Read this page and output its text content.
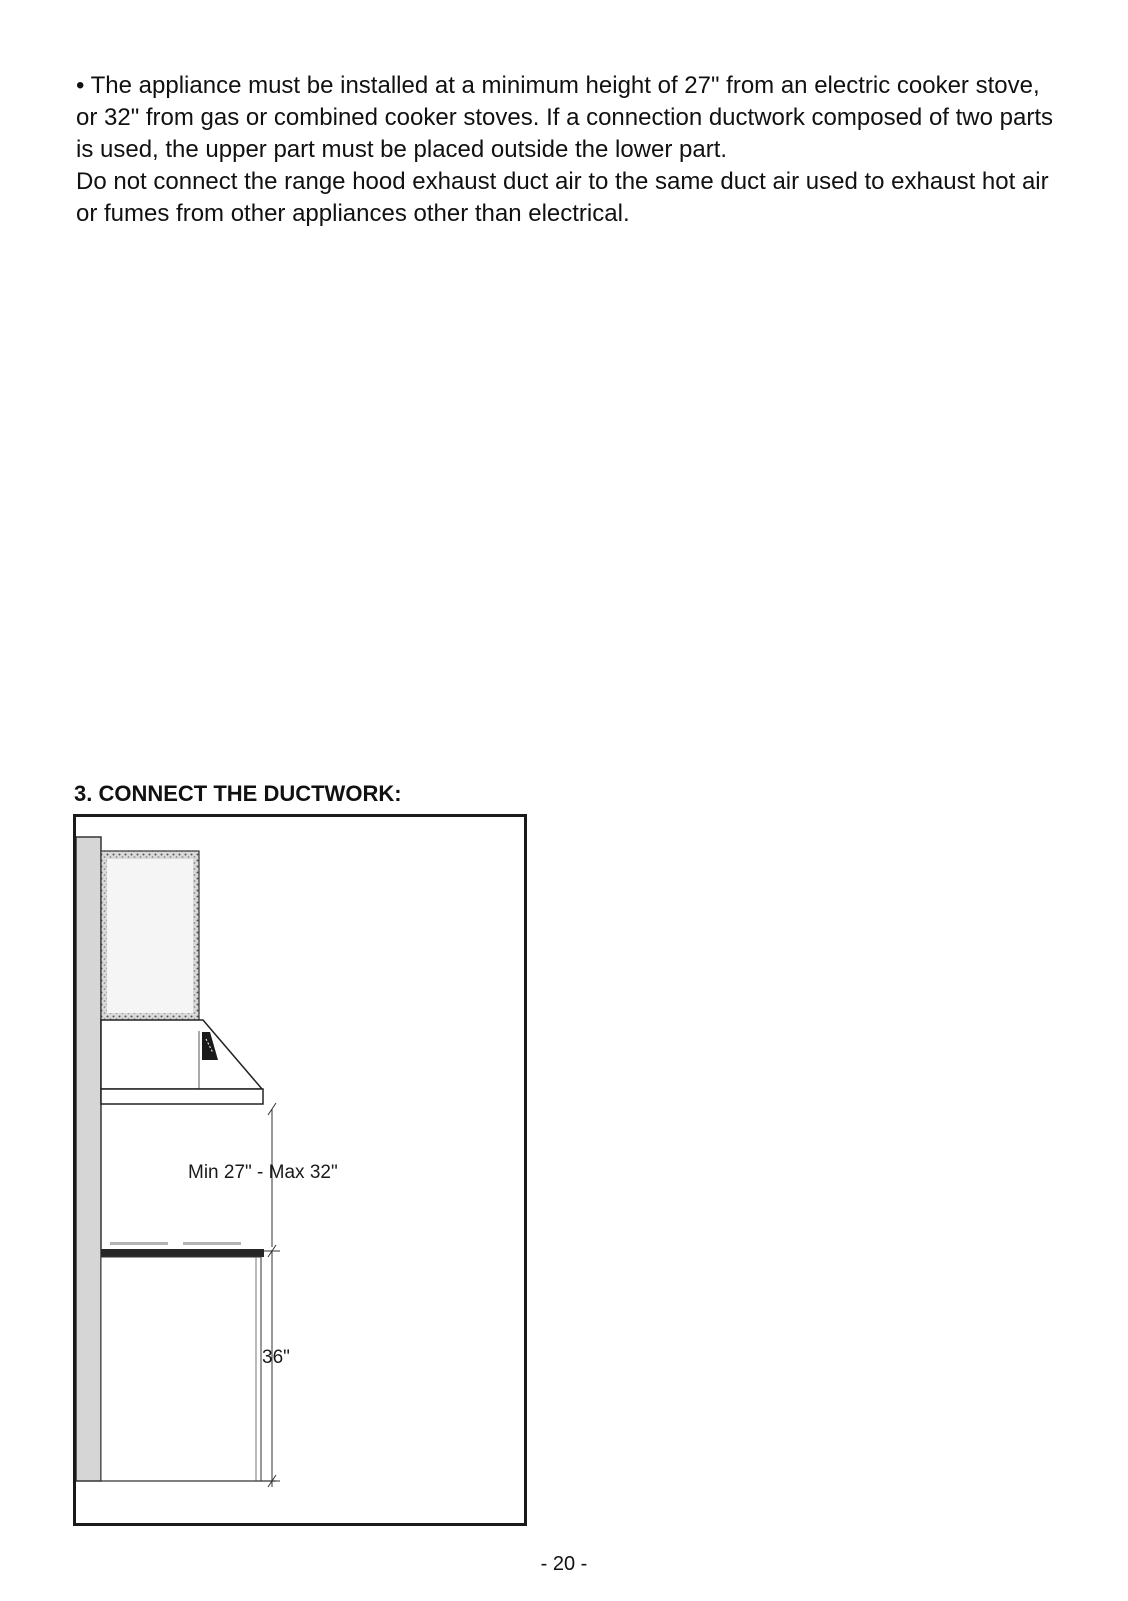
• The appliance must be installed at a minimum height of 27" from an electric cooker stove, or 32" from gas or combined cooker stoves. If a connection ductwork composed of two parts is used, the upper part must be placed outside the lower part.

Do not connect the range hood exhaust duct air to the same duct air used to exhaust hot air or fumes from other appliances other than electrical.

3. CONNECT THE DUCTWORK:
Min 27" - Max 32"
36"
- 20 -
